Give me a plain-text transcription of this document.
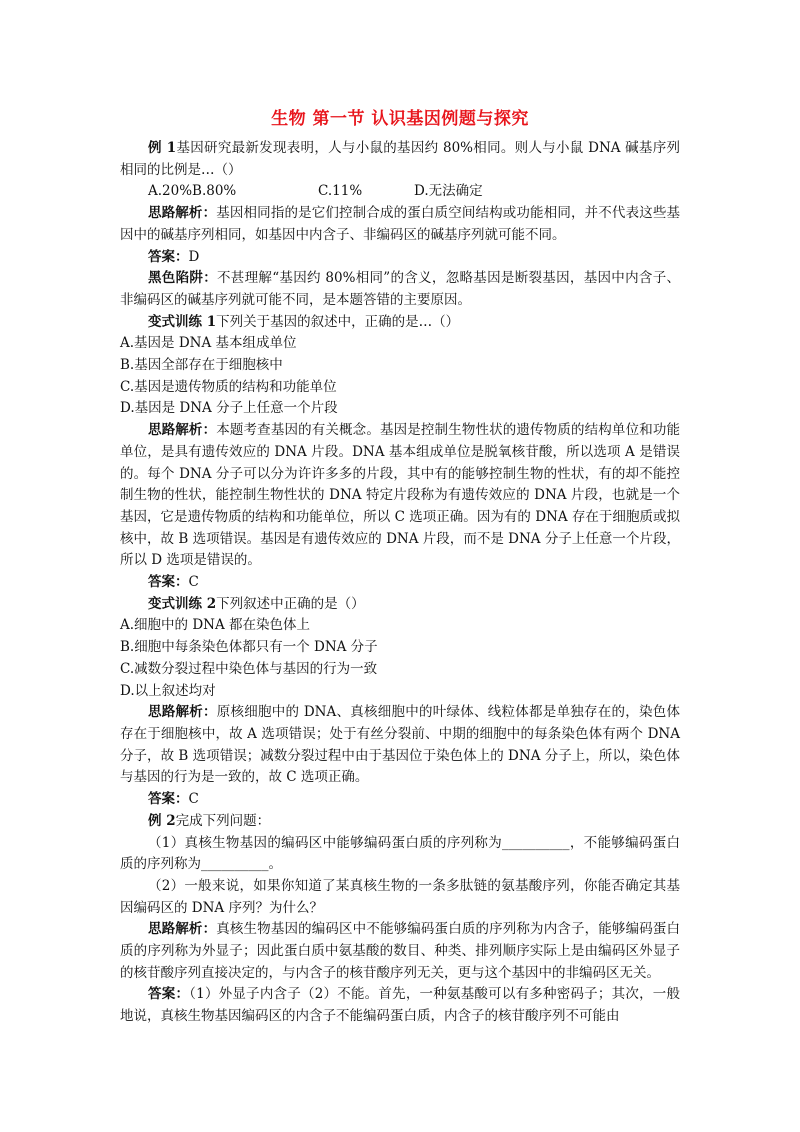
生物 第一节 认识基因例题与探究

例 1基因研究最新发现表明，人与小鼠的基因约 80%相同。则人与小鼠 DNA 碱基序列相同的比例是…（）

A.20%B.80%	C.11%	D.无法确定

思路解析：基因相同指的是它们控制合成的蛋白质空间结构或功能相同，并不代表这些基因中的碱基序列相同，如基因中内含子、非编码区的碱基序列就可能不同。

答案：D

黑色陷阱：不甚理解“基因约 80%相同”的含义，忽略基因是断裂基因，基因中内含子、非编码区的碱基序列就可能不同，是本题答错的主要原因。

变式训练 1下列关于基因的叙述中，正确的是…（）

A.基因是 DNA 基本组成单位

B.基因全部存在于细胞核中

C.基因是遗传物质的结构和功能单位

D.基因是 DNA 分子上任意一个片段

思路解析：本题考查基因的有关概念。基因是控制生物性状的遗传物质的结构单位和功能单位，是具有遗传效应的 DNA 片段。DNA 基本组成单位是脱氧核苷酸，所以选项 A 是错误的。每个 DNA 分子可以分为许许多多的片段，其中有的能够控制生物的性状，有的却不能控制生物的性状，能控制生物性状的 DNA 特定片段称为有遗传效应的 DNA 片段，也就是一个基因，它是遗传物质的结构和功能单位，所以 C 选项正确。因为有的 DNA 存在于细胞质或拟核中，故 B 选项错误。基因是有遗传效应的 DNA 片段，而不是 DNA 分子上任意一个片段，所以 D 选项是错误的。

答案：C

变式训练 2下列叙述中正确的是（）

A.细胞中的 DNA 都在染色体上

B.细胞中每条染色体都只有一个 DNA 分子

C.减数分裂过程中染色体与基因的行为一致

D.以上叙述均对

思路解析：原核细胞中的 DNA、真核细胞中的叶绿体、线粒体都是单独存在的，染色体存在于细胞核中，故 A 选项错误；处于有丝分裂前、中期的细胞中的每条染色体有两个 DNA 分子，故 B 选项错误；减数分裂过程中由于基因位于染色体上的 DNA 分子上，所以，染色体与基因的行为是一致的，故 C 选项正确。

答案：C

例 2完成下列问题：

（1）真核生物基因的编码区中能够编码蛋白质的序列称为__________，不能够编码蛋白质的序列称为__________。

（2）一般来说，如果你知道了某真核生物的一条多肽链的氨基酸序列，你能否确定其基因编码区的 DNA 序列？为什么？

思路解析：真核生物基因的编码区中不能够编码蛋白质的序列称为内含子，能够编码蛋白质的序列称为外显子；因此蛋白质中氨基酸的数目、种类、排列顺序实际上是由编码区外显子的核苷酸序列直接决定的，与内含子的核苷酸序列无关，更与这个基因中的非编码区无关。

答案：（1）外显子内含子（2）不能。首先，一种氨基酸可以有多种密码子；其次，一般地说，真核生物基因编码区的内含子不能编码蛋白质，内含子的核苷酸序列不可能由
